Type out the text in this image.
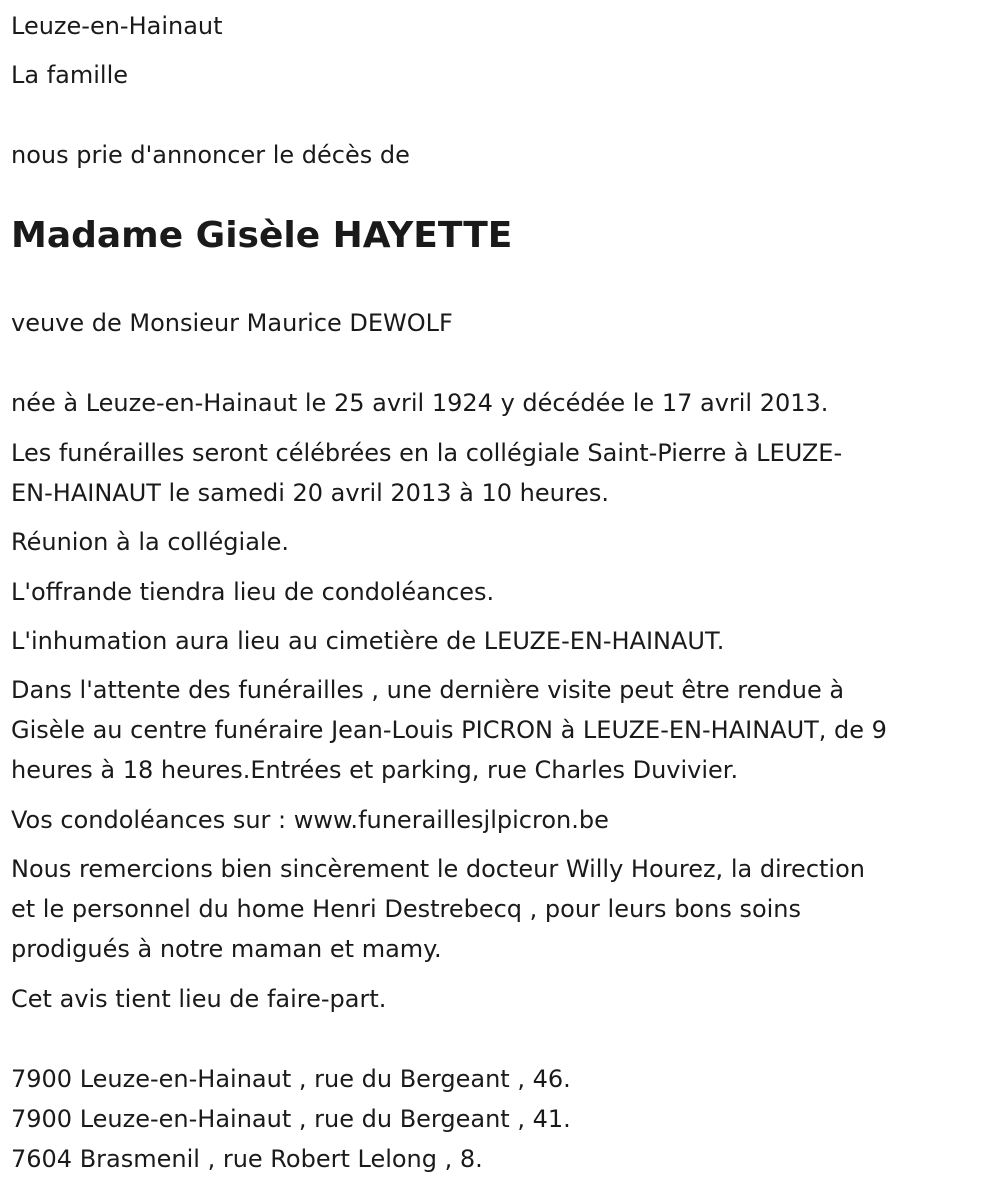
Leuze-en-Hainaut

La famille

nous prie d'annoncer le décès de

Madame Gisèle HAYETTE

veuve de Monsieur Maurice DEWOLF

née à Leuze-en-Hainaut le 25 avril 1924 y décédée le 17 avril 2013.

Les funérailles seront célébrées en la collégiale Saint-Pierre à LEUZE-

EN-HAINAUT le samedi 20 avril 2013 à 10 heures.

Réunion à la collégiale.

L'offrande tiendra lieu de condoléances.

L'inhumation aura lieu au cimetière de LEUZE-EN-HAINAUT.

Dans l'attente des funérailles , une dernière visite peut être rendue à

Gisèle au centre funéraire Jean-Louis PICRON à LEUZE-EN-HAINAUT, de 9

heures à 18 heures.Entrées et parking, rue Charles Duvivier.

Vos condoléances sur : www.funeraillesjlpicron.be

Nous remercions bien sincèrement le docteur Willy Hourez, la direction

et le personnel du home Henri Destrebecq , pour leurs bons soins

prodigués à notre maman et mamy.

Cet avis tient lieu de faire-part.

7900 Leuze-en-Hainaut , rue du Bergeant , 46.

7900 Leuze-en-Hainaut , rue du Bergeant , 41.

7604 Brasmenil , rue Robert Lelong , 8.
